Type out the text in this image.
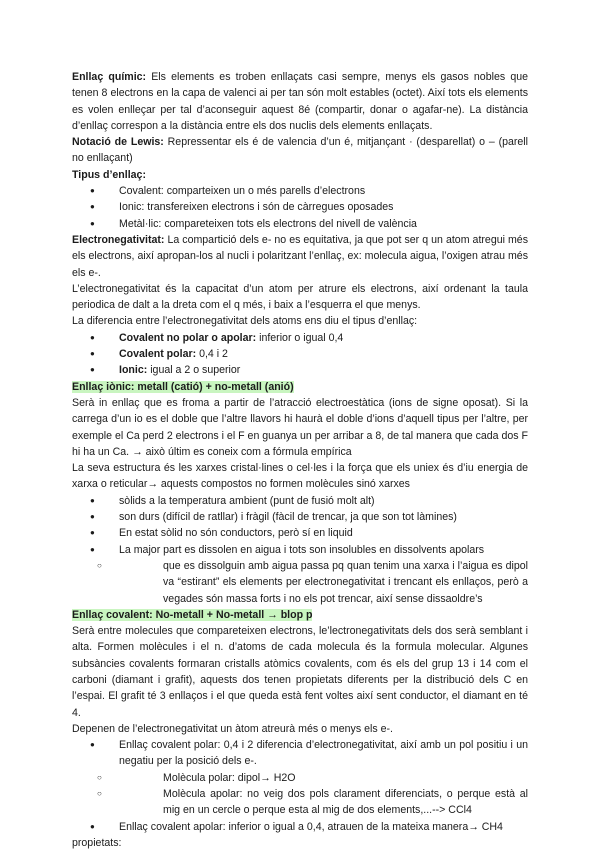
Enllaç químic: Els elements es troben enllaçats casi sempre, menys els gasos nobles que tenen 8 electrons en la capa de valenci ai per tan són molt estables (octet). Així tots els elements es volen enlleçar per tal d’aconseguir aquest 8é (compartir, donar o agafar-ne). La distància d’enllaç correspon a la distància entre els dos nuclis dels elements enllaçats.

Notació de Lewis: Repressentar els é de valencia d’un é, mitjançant · (desparellat) o – (parell no enllaçant)

Tipus d’enllaç:

● Covalent: comparteixen un o més parells d’electrons
● Ionic: transfereixen electrons i són de càrregues oposades
● Metàl·lic: compareteixen tots els electrons del nivell de valència

Electronegativitat: La compartició dels e- no es equitativa, ja que pot ser q un atom atregui més els electrons, així apropan-los al nucli i polaritzant l’enllaç, ex: molecula aigua, l’oxigen atrau més els e-.

L’electronegativitat és la capacitat d’un atom per atrure els electrons, així ordenant la taula periodica de dalt a la dreta com el q més, i baix a l’esquerra el que menys.

La diferencia entre l’electronegativitat dels atoms ens diu el tipus d’enllaç:

● Covalent no polar o apolar: inferior o igual 0,4
● Covalent polar: 0,4 i 2
● Ionic: igual a 2 o superior

Enllaç iònic: metall (catió) + no-metall (anió)

Serà in enllaç que es froma a partir de l’atracció electroestàtica (ions de signe oposat). Si la carrega d’un io es el doble que l’altre llavors hi haurà el doble d’ions d’aquell tipus per l’altre, per exemple el Ca perd 2 electrons i el F en guanya un per arribar a 8, de tal manera que cada dos F hi ha un Ca. → això últim es coneix com a fórmula empírica

La seva estructura és les xarxes cristal·lines o cel·les i la força que els uniex és d’iu energia de xarxa o reticular→ aquests compostos no formen molècules sinó xarxes

● sòlids a la temperatura ambient (punt de fusió molt alt)
● son durs (difícil de ratllar) i fràgil (fàcil de trencar, ja que son tot làmines)
● En estat sòlid no són conductors, però sí en liquid
● La major part es dissolen en aigua i tots son insolubles en dissolvents apolars
○ que es dissolguin amb aigua passa pq quan tenim una xarxa i l’aigua es dipol va “estirant” els elements per electronegativitat i trencant els enllaços, però a vegades són massa forts i no els pot trencar, així sense dissaoldre’s

Enllaç covalent: No-metall + No-metall → blop p

Serà entre molecules que compareteixen electrons, le’lectronegativitats dels dos serà semblant i alta. Formen molècules i el n. d’atoms de cada molecula és la formula molecular. Algunes subsàncies covalents formaran cristalls atòmics covalents, com és els del grup 13 i 14 com el carboni (diamant i grafit), aquests dos tenen propietats diferents per la distribució dels C en l’espai. El grafit té 3 enllaços i el que queda està fent voltes així sent conductor, el diamant en té 4.

Depenen de l’electronegativitat un àtom atreurà més o menys els e-.

● Enllaç covalent polar: 0,4 i 2 diferencia d’electronegativitat, així amb un pol positiu i un negatiu per la posició dels e-.
○ Molècula polar: dipol→ H2O
○ Molècula apolar: no veig dos pols clarament diferenciats, o perque està al mig en un cercle o perque esta al mig de dos elements,...--> CCl4
● Enllaç covalent apolar: inferior o igual a 0,4, atrauen de la mateixa manera→ CH4

propietats:
